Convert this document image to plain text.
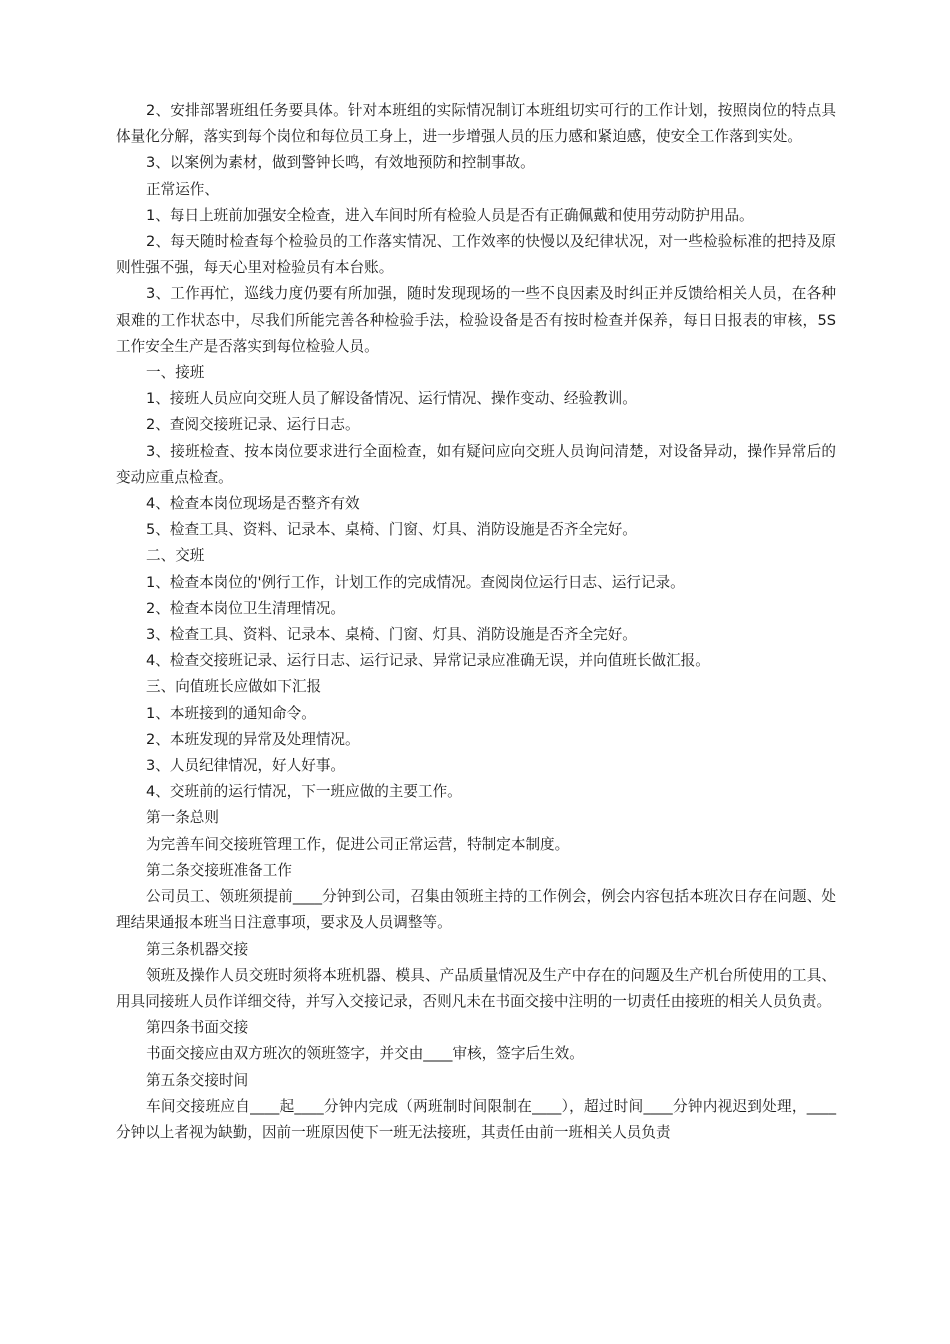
2、安排部署班组任务要具体。针对本班组的实际情况制订本班组切实可行的工作计划，按照岗位的特点具体量化分解，落实到每个岗位和每位员工身上，进一步增强人员的压力感和紧迫感，使安全工作落到实处。

3、以案例为素材，做到警钟长鸣，有效地预防和控制事故。

正常运作、

1、每日上班前加强安全检查，进入车间时所有检验人员是否有正确佩戴和使用劳动防护用品。

2、每天随时检查每个检验员的工作落实情况、工作效率的快慢以及纪律状况，对一些检验标准的把持及原则性强不强，每天心里对检验员有本台账。

3、工作再忙，巡线力度仍要有所加强，随时发现现场的一些不良因素及时纠正并反馈给相关人员，在各种艰难的工作状态中，尽我们所能完善各种检验手法，检验设备是否有按时检查并保养，每日日报表的审核，5S 工作安全生产是否落实到每位检验人员。

一、接班

1、接班人员应向交班人员了解设备情况、运行情况、操作变动、经验教训。

2、查阅交接班记录、运行日志。

3、接班检查、按本岗位要求进行全面检查，如有疑问应向交班人员询问清楚，对设备异动，操作异常后的变动应重点检查。

4、检查本岗位现场是否整齐有效

5、检查工具、资料、记录本、桌椅、门窗、灯具、消防设施是否齐全完好。

二、交班

1、检查本岗位的'例行工作，计划工作的完成情况。查阅岗位运行日志、运行记录。

2、检查本岗位卫生清理情况。

3、检查工具、资料、记录本、桌椅、门窗、灯具、消防设施是否齐全完好。

4、检查交接班记录、运行日志、运行记录、异常记录应准确无误，并向值班长做汇报。

三、向值班长应做如下汇报

1、本班接到的通知命令。

2、本班发现的异常及处理情况。

3、人员纪律情况，好人好事。

4、交班前的运行情况，下一班应做的主要工作。

第一条总则

为完善车间交接班管理工作，促进公司正常运营，特制定本制度。

第二条交接班准备工作

公司员工、领班须提前____分钟到公司，召集由领班主持的工作例会，例会内容包括本班次日存在问题、处理结果通报本班当日注意事项，要求及人员调整等。

第三条机器交接

领班及操作人员交班时须将本班机器、模具、产品质量情况及生产中存在的问题及生产机台所使用的工具、用具同接班人员作详细交待，并写入交接记录，否则凡未在书面交接中注明的一切责任由接班的相关人员负责。

第四条书面交接

书面交接应由双方班次的领班签字，并交由____审核，签字后生效。

第五条交接时间

车间交接班应自____起____分钟内完成（两班制时间限制在____），超过时间____分钟内视迟到处理，____分钟以上者视为缺勤，因前一班原因使下一班无法接班，其责任由前一班相关人员负责
